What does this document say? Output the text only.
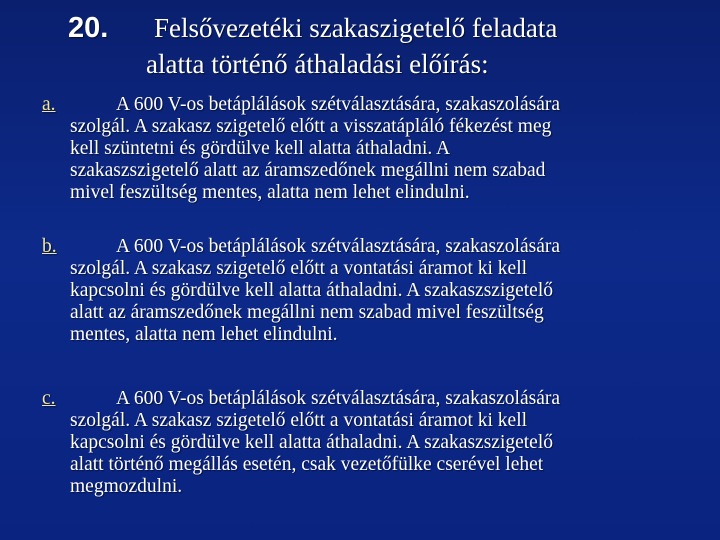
20. Felsővezetéki szakaszigetelő feladata
alatta történő áthaladási előírás:
a.	A 600 V-os betáplálások szétválasztására, szakaszolására
szolgál. A szakasz szigetelő előtt a visszatápláló fékezést meg
kell szüntetni és gördülve kell alatta áthaladni. A
szakaszszigetelő alatt az áramszedőnek megállni nem szabad
mivel feszültség mentes, alatta nem lehet elindulni.
b.	A 600 V-os betáplálások szétválasztására, szakaszolására
szolgál. A szakasz szigetelő előtt a vontatási áramot ki kell
kapcsolni és gördülve kell alatta áthaladni. A szakaszszigetelő
alatt az áramszedőnek megállni nem szabad mivel feszültség
mentes, alatta nem lehet elindulni.
c.	A 600 V-os betáplálások szétválasztására, szakaszolására
szolgál. A szakasz szigetelő előtt a vontatási áramot ki kell
kapcsolni és gördülve kell alatta áthaladni. A szakaszszigetelő
alatt történő megállás esetén, csak vezetőfülke cserével lehet
megmozdulni.
